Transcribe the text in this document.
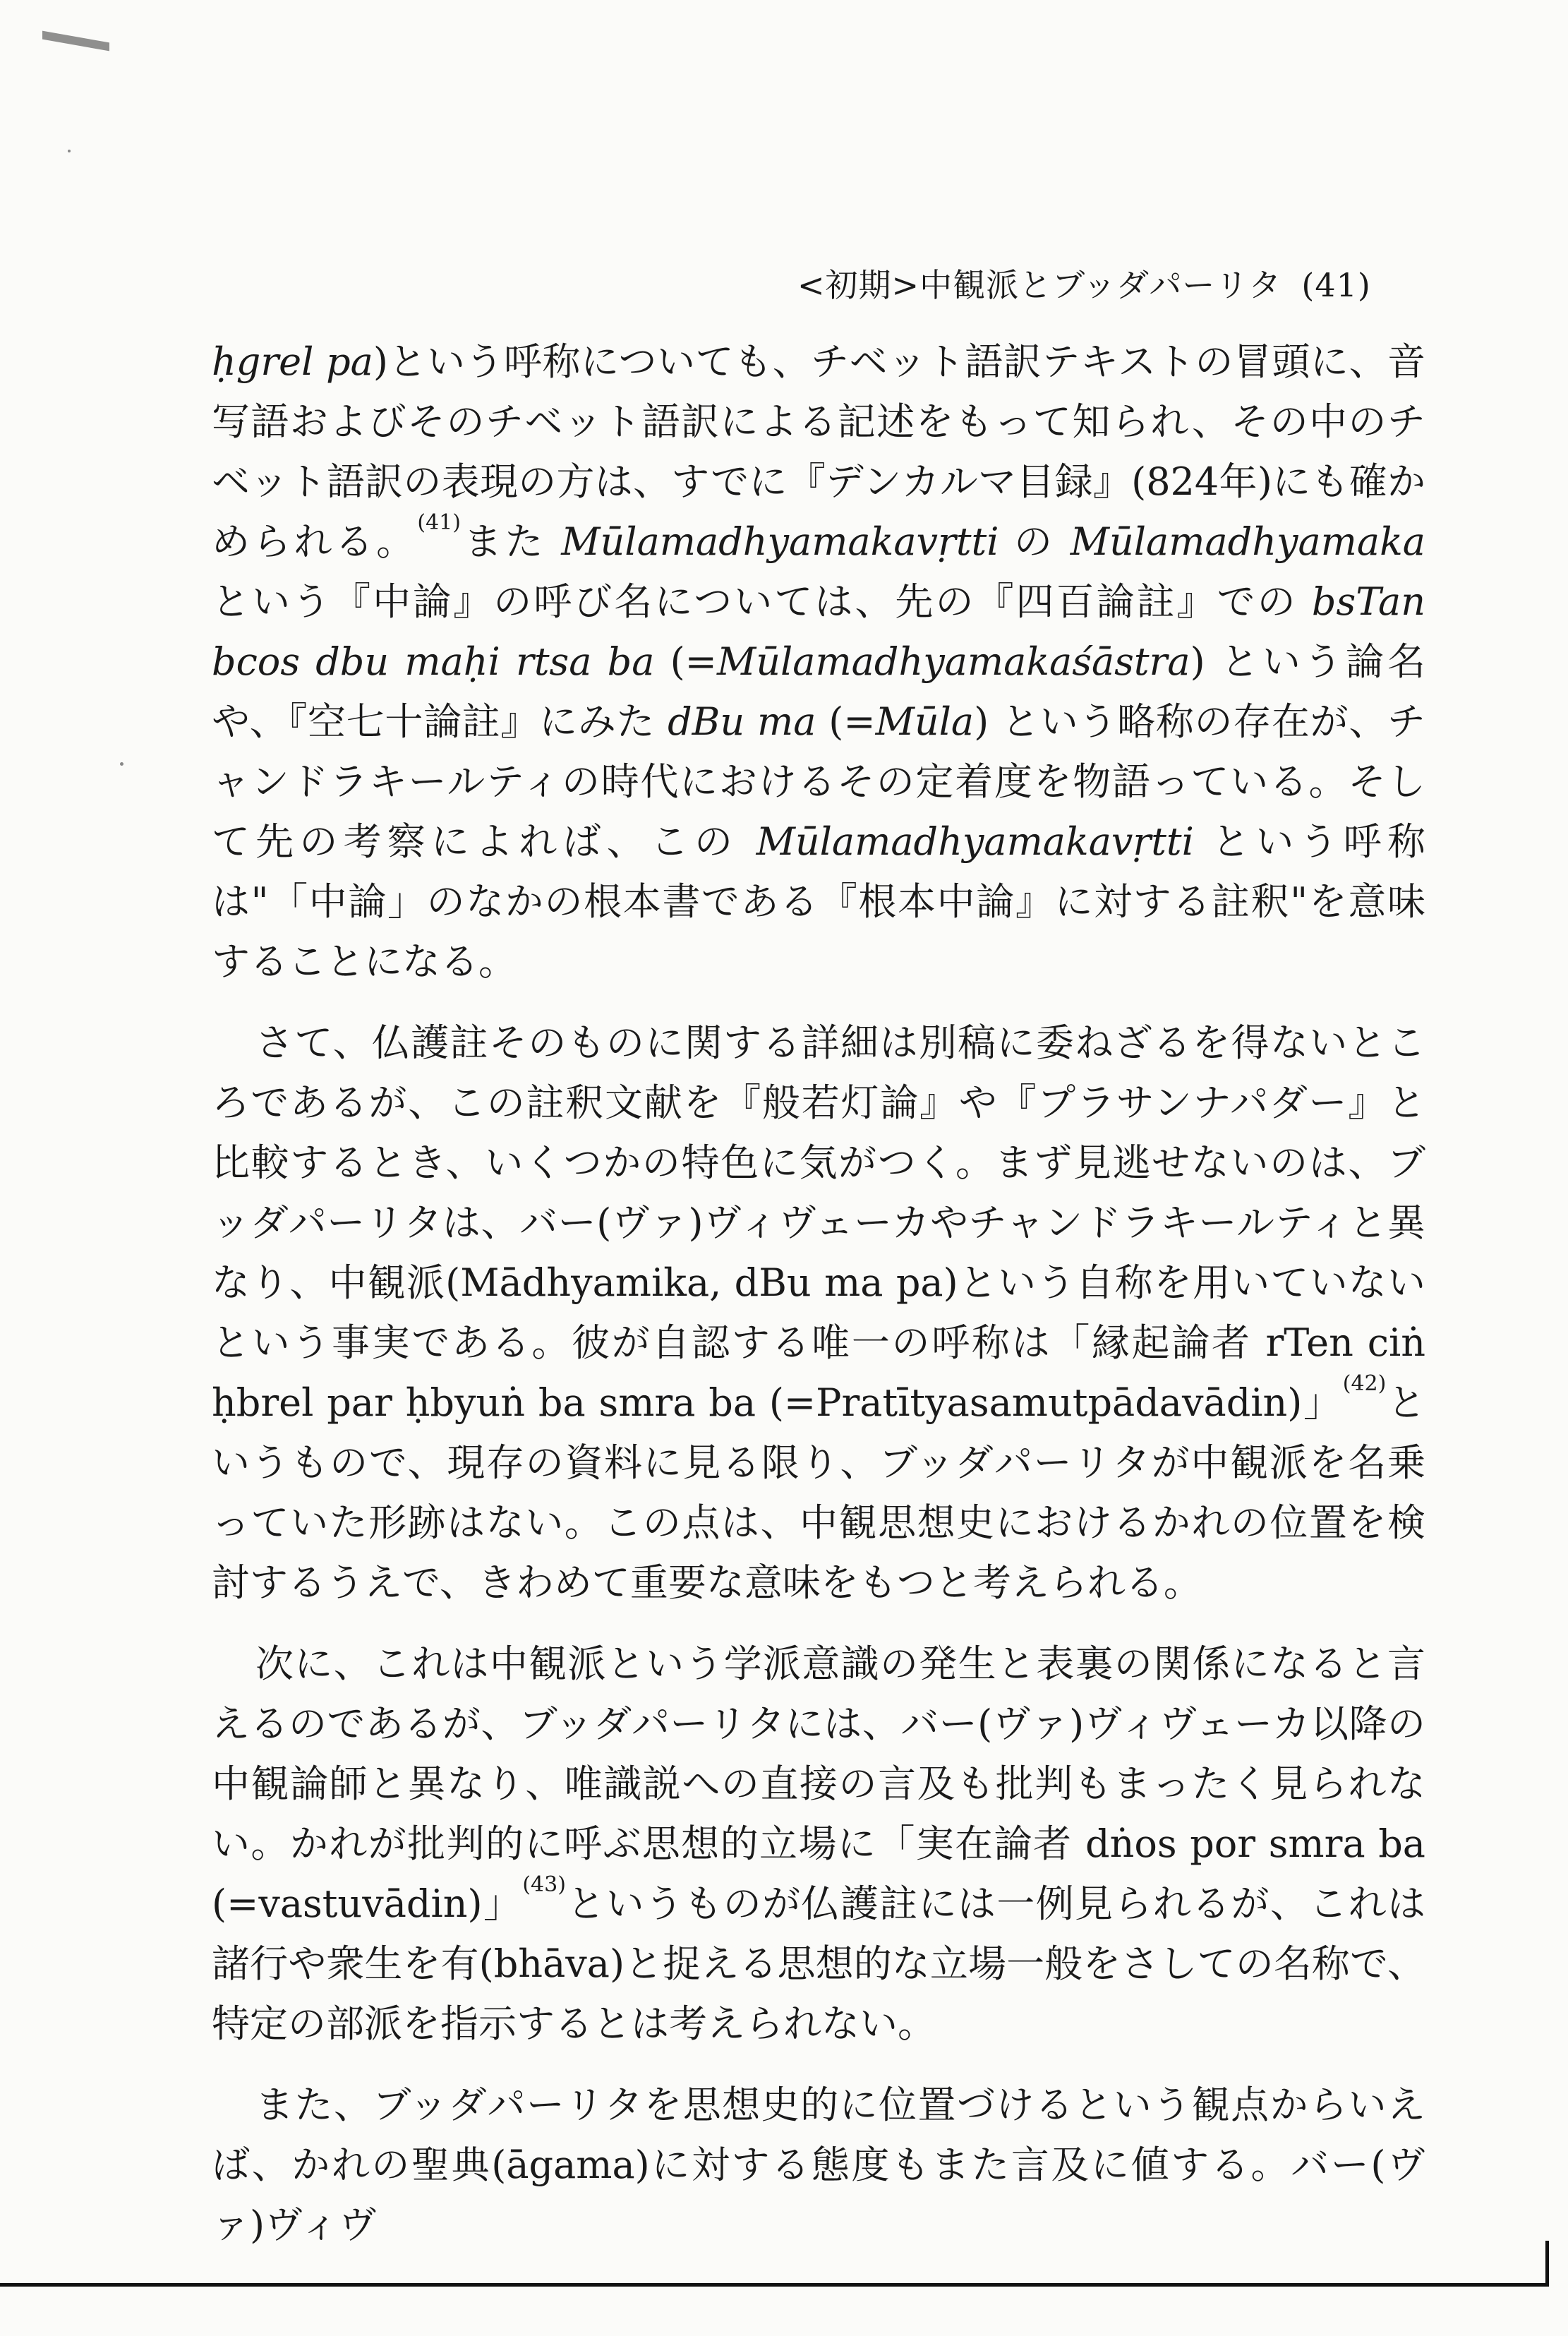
<初期>中観派とブッダパーリタ (41)

ḥgrel pa)という呼称についても、チベット語訳テキストの冒頭に、音写語およびそのチベット語訳による記述をもって知られ、その中のチベット語訳の表現の方は、すでに『デンカルマ目録』(824年)にも確かめられる。$^{(41)}$また Mūlamadhyamakavṛtti の Mūlamadhyamaka という『中論』の呼び名については、先の『四百論註』での bsTan bcos dbu maḥi rtsa ba (=Mūlamadhyamakaśāstra) という論名や、『空七十論註』にみた dBu ma (=Mūla) という略称の存在が、チャンドラキールティの時代におけるその定着度を物語っている。そして先の考察によれば、この Mūlamadhyamakavṛtti という呼称は"「中論」のなかの根本書である『根本中論』に対する註釈"を意味することになる。

さて、仏護註そのものに関する詳細は別稿に委ねざるを得ないところであるが、この註釈文献を『般若灯論』や『プラサンナパダー』と比較するとき、いくつかの特色に気がつく。まず見逃せないのは、ブッダパーリタは、バー(ヴァ)ヴィヴェーカやチャンドラキールティと異なり、中観派(Mādhyamika, dBu ma pa)という自称を用いていないという事実である。彼が自認する唯一の呼称は「縁起論者 rTen ciṅ ḥbrel par ḥbyuṅ ba smra ba (=Pratītyasamutpādavādin)」$^{(42)}$というもので、現存の資料に見る限り、ブッダパーリタが中観派を名乗っていた形跡はない。この点は、中観思想史におけるかれの位置を検討するうえで、きわめて重要な意味をもつと考えられる。

次に、これは中観派という学派意識の発生と表裏の関係になると言えるのであるが、ブッダパーリタには、バー(ヴァ)ヴィヴェーカ以降の中観論師と異なり、唯識説への直接の言及も批判もまったく見られない。かれが批判的に呼ぶ思想的立場に「実在論者 dṅos por smra ba (=vastuvādin)」$^{(43)}$というものが仏護註には一例見られるが、これは諸行や衆生を有(bhāva)と捉える思想的な立場一般をさしての名称で、特定の部派を指示するとは考えられない。

また、ブッダパーリタを思想史的に位置づけるという観点からいえば、かれの聖典(āgama)に対する態度もまた言及に値する。バー(ヴァ)ヴィヴ
